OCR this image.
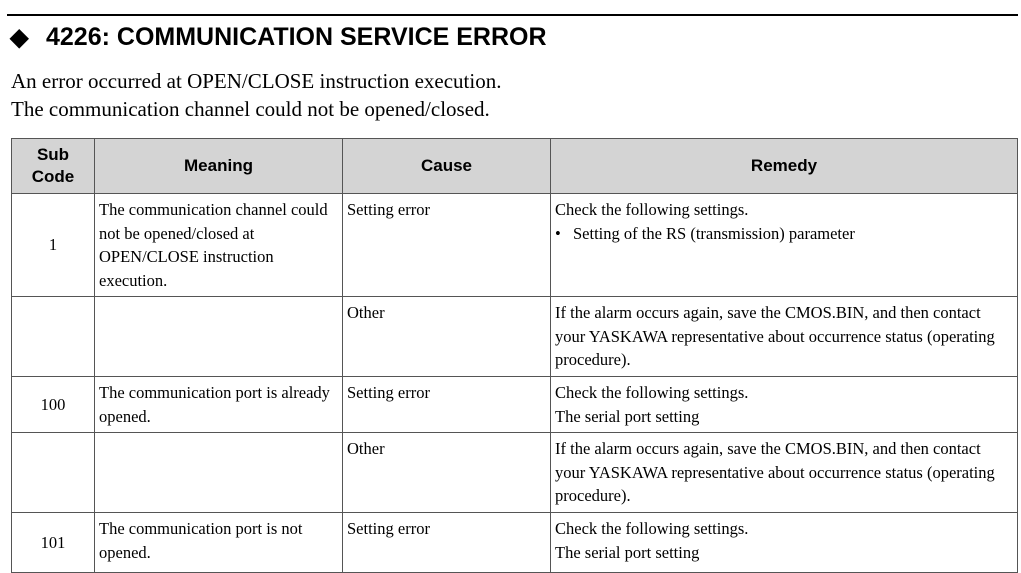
◆ 4226: COMMUNICATION SERVICE ERROR
An error occurred at OPEN/CLOSE instruction execution.
The communication channel could not be opened/closed.
Sub Code	Meaning	Cause	Remedy
1	The communication channel could not be opened/closed at OPEN/CLOSE instruction execution.	Setting error	Check the following settings.
• Setting of the RS (transmission) parameter

		Other	If the alarm occurs again, save the CMOS.BIN, and then contact your YASKAWA representative about occurrence status (operating procedure).
100	The communication port is already opened.	Setting error	Check the following settings.
The serial port setting

		Other	If the alarm occurs again, save the CMOS.BIN, and then contact your YASKAWA representative about occurrence status (operating procedure).
101	The communication port is not opened.	Setting error	Check the following settings.
The serial port setting
